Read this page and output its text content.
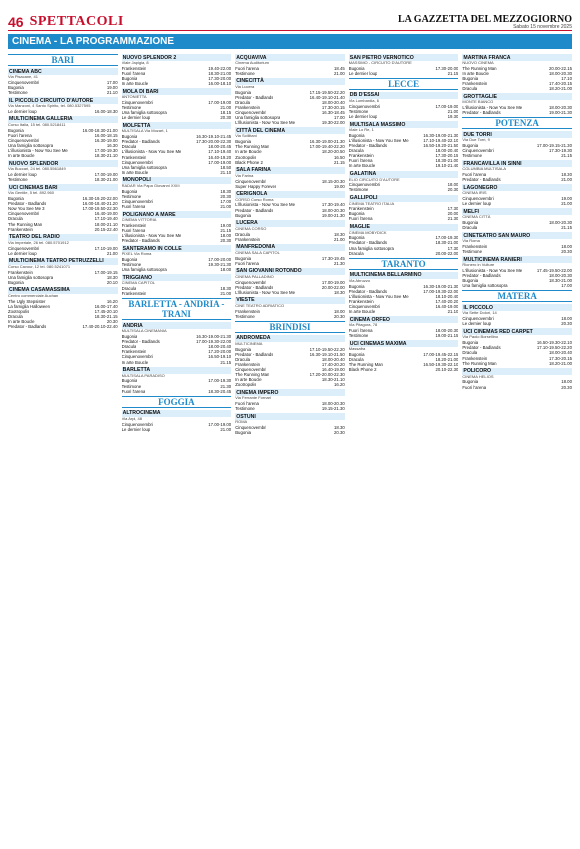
46 SPETTACOLI	LA GAZZETTA DEL MEZZOGIORNO
Sabato 15 novembre 2025
CINEMA - LA PROGRAMMAZIONE
BARI
CINEMA ABC
Via Pisacane, 41
Cinquenovembri	17.00
Bugonia	19.00
Testimone	21.10
IL PICCOLO CIRCUITO D'AUTORE
Via Manzoni, 4 Santo Spirito, tel. 080.5327595
Le dernier loup	16.00-18.30
MULTICINEMA GALLERIA
Corso Italia, 15 tel. 080.5218411
Bugonia	16.00-18.30-21.00
Fuori l'arena	16.00-18.15
Cinquenovembri	16.30-19.00
Una famiglia sottosopra	16.30
L'illusionista - Now You See Me	17.00-19.30
In arte Boucle	18.30-21.10
NUOVO SPLENDOR
Via Buccari, 24 tel. 080.5561849
Le dernier loup	17.00-19.00
Testimone	18.30-21.00
UCI CINEMAS BARI
Via Gentile, 5 tel. 892.960
Bugonia	16.30-19.20-22.00
Predator - Badlands	16.00-18.40-21.20
Now You See Me 3	17.00-19.50-22.30
Cinquenovembri	16.40-19.00
Dracula	17.10-19.40
The Running Man	18.00-21.10
Frankenstein	20.15-22.40
TEATRO DEL RADIO
Via Imperiale, 26 tel. 080.5701912
Cinquenovembri	17.10-19.00
Le dernier loup	21.00
MULTICINEMA TEATRO PETRUZZELLI
Corso Cavour, 12 tel. 080.5241071
Frankenstein	17.00-19.15
Una famiglia sottosopra	18.30
Bugonia	20.10
CINEMA CASAMASSIMA
Centro commerciale Auchan
The Ugly Stepsister	16.20
La famiglia Halloween	16.00-17.40
Zootropolis	17.45-20.10
Dracula	18.30-21.15
In arte Boucle	20.30
Predator - Badlands	17.40-20.10-22.40
NUOVO SPLENDOR 2
Viale Japigia, 8
Frankenstein	19.40-22.00
Fuori l'arena	18.30-21.00
Bugonia	17.30-20.00
In arte Boucle	16.00-18.10
MOLA DI BARI
ANTONIETTA
Cinquenovembri	17.00-19.00
Testimone	21.00
Una famiglia sottosopra	18.15
Le dernier loup	20.30
MOLFETTA
MULTISALA Via Mozart, 1
Bugonia	16.30-19.10-21.45
Predator - Badlands	17.30-20.00-22.30
Dracula	18.00-20.45
L'illusionista - Now You See Me	17.10-19.40
Frankenstein	16.40-19.20
Cinquenovembri	17.00-19.00
Una famiglia sottosopra	18.50
In arte Boucle	21.10
MONOPOLI
RADAR Via Papa Giovanni XXIII
Bugonia	18.30
Testimone	20.30
Cinquenovembri	17.00
Fuori l'arena	21.00
POLIGNANO A MARE
CINEMA VITTORIA
Frankenstein	19.00
Fuori l'arena	21.15
L'illusionista - Now You See Me	18.00
Predator - Badlands	20.30
SANTERAMO IN COLLE
PIXEL Via Roma
Bugonia	17.00-20.00
Testimone	19.30-21.30
Una famiglia sottosopra	18.00
TRIGGIANO
CINEMA CAPITOL
Dracula	18.30
Frankenstein	21.00
BARLETTA - ANDRIA - TRANI
ANDRIA
MULTISALA CINEMANIA
Bugonia	16.30-19.00-21.30
Predator - Badlands	17.00-19.30-22.00
Dracula	18.00-20.40
Frankenstein	17.20-20.00
Cinquenovembri	16.50-19.10
In arte Boucle	21.15
BARLETTA
MULTISALA PARADISO
Bugonia	17.00-19.30
Testimone	21.30
Fuori l'arena	18.30-20.45
FOGGIA
ALTROCINEMA
Via Arpi, 48
Cinquenovembri	17.00-19.00
Le dernier loup	21.00
ACQUAVIVA
Cinema Auditorium
Fuori l'arena	18.45
Testimone	21.00
CINECITTÀ
Via Lucera
Bugonia	17.15-19.50-22.20
Predator - Badlands	16.40-19.10-21.40
Dracula	18.00-20.40
Frankenstein	17.30-20.15
Cinquenovembri	16.30-18.45
Una famiglia sottosopra	17.00
L'illusionista - Now You See Me	19.30-22.00
CITTÀ DEL CINEMA
Via Scillitani
Bugonia	16.30-19.00-21.30
The Running Man	17.00-19.40-22.20
In arte Boucle	18.20-20.50
Zootropolis	16.50
Black Phone 2	21.15
SALA FARINA
Via Farina
Cinquenovembri	18.15-20.30
Super Happy Forever	19.00
CERIGNOLA
CORSO Corso Roma
L'illusionista - Now You See Me	17.30-19.40
Predator - Badlands	18.00-20.30
Bugonia	19.00-21.30
LUCERA
CINEMA CORSO
Dracula	18.30
Frankenstein	21.00
MANFREDONIA
CINEMA SALA CAPITOL
Bugonia	17.30-19.45
Fuori l'arena	21.30
SAN GIOVANNI ROTONDO
CINEMA PALLADINO
Cinquenovembri	17.00-19.00
Predator - Badlands	20.00-22.00
L'illusionista - Now You See Me	18.30
VIESTE
CINE TEATRO ADRIATICO
Frankenstein	18.00
Testimone	20.30
BRINDISI
ANDROMEDA
MULTICINEMA
Bugonia	17.10-19.50-22.20
Predator - Badlands	16.30-19.10-21.50
Dracula	18.00-20.40
Frankenstein	17.40-20.20
Cinquenovembri	16.40-19.00
The Running Man	17.20-20.00-22.30
In arte Boucle	18.30-21.10
Zootropolis	16.20
CINEMA IMPERO
Via Ferrante Fornari
Fuori l'arena	18.00-20.30
Testimone	19.15-21.30
OSTUNI
ROMA
Cinquenovembri	18.30
Bugonia	20.30
SAN PIETRO VERNOTICO
MASSIMO - CIRCUITO D'AUTORE
Bugonia	17.30-20.00
Le dernier loup	21.15
LECCE
DB D'ESSAI
Via Lombardia, 6
Cinquenovembri	17.00-19.00
Testimone	21.00
Le dernier loup	19.30
MULTISALA MASSIMO
Viale Lo Re, 1
Bugonia	16.30-19.00-21.30
L'illusionista - Now You See Me	17.10-19.40-22.10
Predator - Badlands	16.50-19.20-21.50
Dracula	18.00-20.40
Frankenstein	17.30-20.15
Fuori l'arena	18.30-21.00
In arte Boucle	19.10-21.40
GALATINA
ELIO CIRCUITO D'AUTORE
Cinquenovembri	18.00
Testimone	20.30
GALLIPOLI
CINEMA TEATRO ITALIA
Frankenstein	17.30
Bugonia	20.00
Fuori l'arena	21.30
MAGLIE
CINEMA MOBYDICK
Bugonia	17.00-19.30
Predator - Badlands	18.30-21.00
Una famiglia sottosopra	17.30
Dracula	20.00-22.00
TARANTO
MULTICINEMA BELLARMINO
Via Abruzzo
Bugonia	16.30-19.00-21.30
Predator - Badlands	17.00-19.30-22.00
L'illusionista - Now You See Me	18.10-20.40
Frankenstein	17.40-20.20
Cinquenovembri	16.40-19.00
In arte Boucle	21.10
CINEMA ORFEO
Via Pitagora, 78
Fuori l'arena	18.00-20.30
Testimone	19.00-21.15
UCI CINEMAS MAXIMA
Massafra
Bugonia	17.00-19.45-22.15
Dracula	18.20-21.00
The Running Man	16.50-19.30-22.10
Black Phone 2	20.10-22.30
MARTINA FRANCA
NUOVO CINEMA
The Running Man	20.00-22.15
In arte Boucle	18.00-20.30
Bugonia	17.10
Frankenstein	17.40-20.15
Dracula	18.20-21.00
GROTTAGLIE
MONTE BIANCO
L'illusionista - Now You See Me	18.00-20.30
Predator - Badlands	19.00-21.30
POTENZA
DUE TORRI
Via Due Torri, 9
Bugonia	17.00-19.15-21.30
Cinquenovembri	17.30-19.30
Testimone	21.15
FRANCAVILLA IN SINNI
COLUMBIA MULTISALA
Fuori l'arena	18.30
Predator - Badlands	21.00
LAGONEGRO
CINEMA IRIS
Cinquenovembri	19.00
Le dernier loup	21.00
MELFI
CINEMA CITTÀ
Bugonia	18.00-20.30
Dracula	21.15
CINETEATRO SAN MAURO
Via Roma
Frankenstein	18.00
Testimone	20.30
MULTICINEMA RANIERI
Rionero in Vulture
L'illusionista - Now You See Me	17.45-19.50-22.00
Predator - Badlands	18.00-20.30
Bugonia	18.30-21.00
Una famiglia sottosopra	17.00
MATERA
IL PICCOLO
Via Sette Dolori, 14
Cinquenovembri	18.00
Le dernier loup	20.30
UCI CINEMAS RED CARPET
Via Paolo Borsellino
Bugonia	16.50-19.30-22.10
Predator - Badlands	17.10-19.50-22.20
Dracula	18.00-20.40
Frankenstein	17.30-20.15
The Running Man	18.20-21.00
POLICORO
CINEMA HELIOS
Bugonia	18.00
Fuori l'arena	20.30
